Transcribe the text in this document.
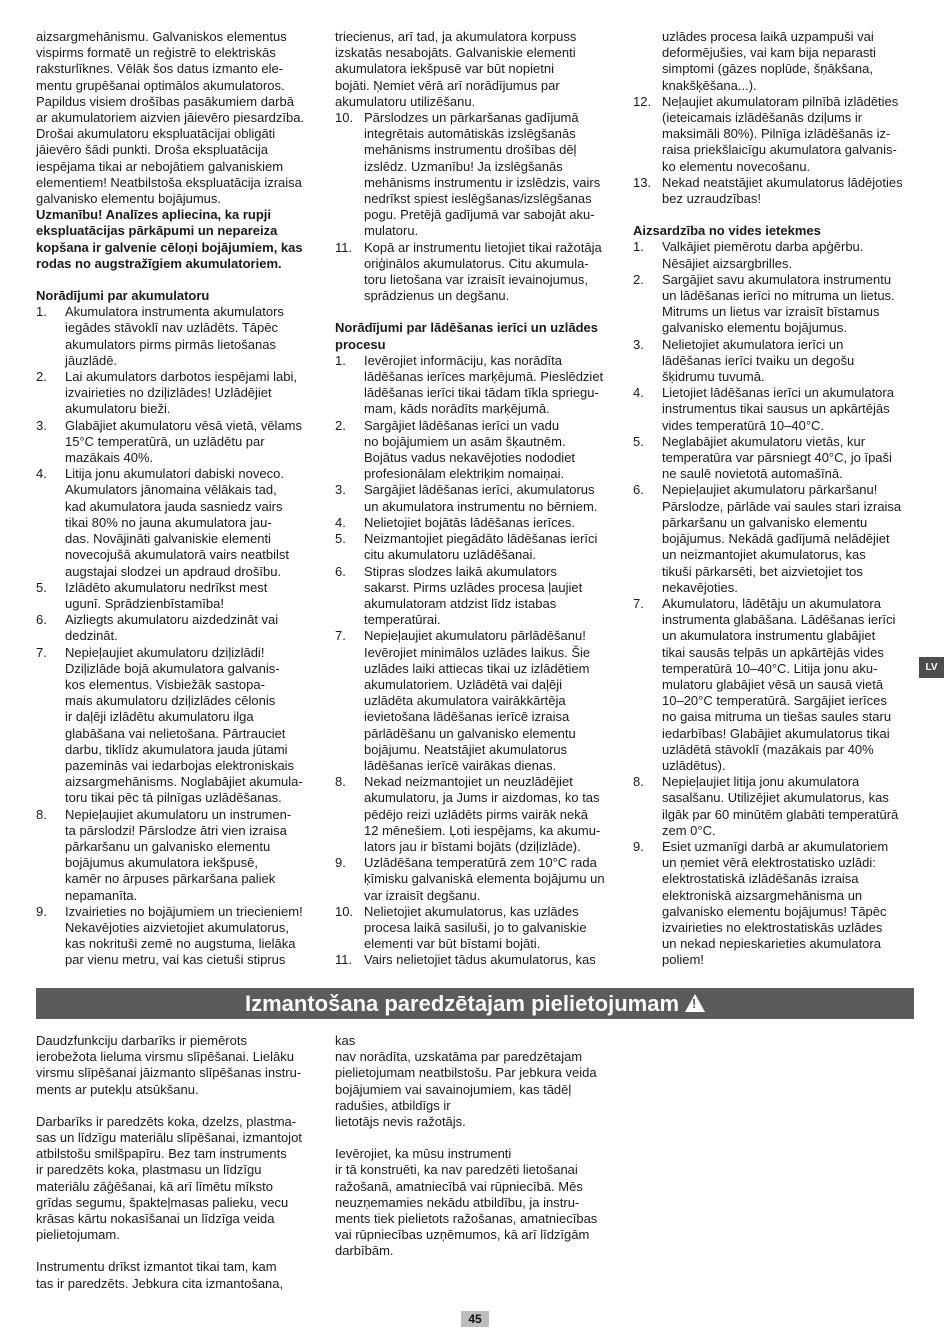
aizsargmehānismu. Galvaniskos elementus
vispirms formatē un reģistrē to elektriskās
raksturlīknes. Vēlāk šos datus izmanto ele-
mentu grupēšanai optimālos akumulatoros.
Papildus visiem drošības pasākumiem darbā
ar akumulatoriem aizvien jāievēro piesardzība.
Drošai akumulatoru ekspluatācijai obligāti
jāievēro šādi punkti. Droša ekspluatācija
iespējama tikai ar nebojātiem galvaniskiem
elementiem! Neatbilstoša ekspluatācija izraisa
galvanisko elementu bojājumus.
Uzmanību! Analīzes apliecina, ka rupji
ekspluatācijas pārkāpumi un nepareiza
kopšana ir galvenie cēloņi bojājumiem, kas
rodas no augstražīgiem akumulatoriem.
Norādījumi par akumulatoru
1. Akumulatora instrumenta akumulators
iegādes stāvoklī nav uzlādēts. Tāpēc
akumulators pirms pirmās lietošanas
jāuzlādē.
2. Lai akumulators darbotos iespējami labi,
izvairieties no dziļizlādes! Uzlādējiet
akumulatoru bieži.
3. Glabājiet akumulatoru vēsā vietā, vēlams
15°C temperatūrā, un uzlādētu par
mazākais 40%.
4. Litija jonu akumulatori dabiski noveco.
Akumulators jānomaina vēlākais tad,
kad akumulatora jauda sasniedz vairs
tikai 80% no jauna akumulatora jau-
das. Novājināti galvaniskie elementi
novecojušā akumulatorā vairs neatbilst
augstajai slodzei un apdraud drošību.
5. Izlādēto akumulatoru nedrīkst mest
ugunī. Sprādzienbīstamība!
6. Aizliegts akumulatoru aizdedzināt vai
dedzināt.
7. Nepieļaujiet akumulatoru dziļizlādi!
Dziļizlāde bojā akumulatora galvanis-
kos elementus. Visbiežāk sastopa-
mais akumulatoru dziļizlādes cēlonis
ir daļēji izlādētu akumulatoru ilga
glabāšana vai nelietošana. Pārtrauciet
darbu, tiklīdz akumulatora jauda jūtami
pazeminās vai iedarbojas elektroniskais
aizsargmehānisms. Noglabājiet akumula-
toru tikai pēc tā pilnīgas uzlādēšanas.
8. Nepieļaujiet akumulatoru un instrumen-
ta pārslodzi! Pārslodze ātri vien izraisa
pārkaršanu un galvanisko elementu
bojājumus akumulatora iekšpusē,
kamēr no ārpuses pārkaršana paliek
nepamanīta.
9. Izvairieties no bojājumiem un triecieniem!
Nekavējoties aizvietojiet akumulatorus,
kas nokrituši zemē no augstuma, lielāka
par vienu metru, vai kas cietuši stiprus
triecienus, arī tad, ja akumulatora korpuss
izskatās nesabojāts. Galvaniskie elementi
akumulatora iekšpusē var būt nopietni
bojāti. Ņemiet vērā arī norādījumus par
akumulatoru utilizēšanu.
10. Pārslodzes un pārkaršanas gadījumā
integrētais automātiskās izslēgšanās
mehānisms instrumentu drošības dēļ
izslēdz. Uzmanību! Ja izslēgšanās
mehānisms instrumentu ir izslēdzis, vairs
nedrīkst spiest ieslēgšanas/izslēgšanas
pogu. Pretējā gadījumā var sabojāt aku-
mulatoru.
11. Kopā ar instrumentu lietojiet tikai ražotāja
oriģinālos akumulatorus. Citu akumula-
toru lietošana var izraisīt ievainojumus,
sprādzienus un degšanu.
Norādījumi par lādēšanas ierīci un uzlādes
procesu
1. Ievērojiet informāciju, kas norādīta
lādēšanas ierīces marķējumā. Pieslēdziet
lādēšanas ierīci tikai tādam tīkla spriegu-
mam, kāds norādīts marķējumā.
2. Sargājiet lādēšanas ierīci un vadu
no bojājumiem un asām šķautnēm.
Bojātus vadus nekavējoties nododiet
profesionālam elektriķim nomaiņai.
3. Sargājiet lādēšanas ierīci, akumulatorus
un akumulatora instrumentu no bērniem.
4. Nelietojiet bojātās lādēšanas ierīces.
5. Neizmantojiet piegādāto lādēšanas ierīci
citu akumulatoru uzlādēšanai.
6. Stipras slodzes laikā akumulators
sakarst. Pirms uzlādes procesa ļaujiet
akumulatoram atdzist līdz istabas
temperatūrai.
7. Nepieļaujiet akumulatoru pārlādēšanu!
Ievērojiet minimālos uzlādes laikus. Šie
uzlādes laiki attiecas tikai uz izlādētiem
akumulatoriem. Uzlādētā vai daļēji
uzlādēta akumulatora vairākkārtēja
ievietošana lādēšanas ierīcē izraisa
pārlādēšanu un galvanisko elementu
bojājumu. Neatstājiet akumulatorus
lādēšanas ierīcē vairākas dienas.
8. Nekad neizmantojiet un neuzlādējiet
akumulatoru, ja Jums ir aizdomas, ko tas
pēdējo reizi uzlādēts pirms vairāk nekā
12 mēnešiem. Ļoti iespējams, ka akumu-
lators jau ir bīstami bojāts (dziļizlāde).
9. Uzlādēšana temperatūrā zem 10°C rada
ķīmisku galvaniskā elementa bojājumu un
var izraisīt degšanu.
10. Nelietojiet akumulatorus, kas uzlādes
procesa laikā sasiluši, jo to galvaniskie
elementi var būt bīstami bojāti.
11. Vairs nelietojiet tādus akumulatorus, kas
uzlādes procesa laikā uzpampuši vai
deformējušies, vai kam bija neparasti
simptomi (gāzes noplūde, šņākšana,
knakšķēšana...).
12. Neļaujiet akumulatoram pilnībā izlādēties
(ieteicamais izlādēšanās dziļums ir
maksimāli 80%). Pilnīga izlādēšanās iz-
raisa priekšlaicīgu akumulatora galvanis-
ko elementu novecošanu.
13. Nekad neatstājiet akumulatorus lādējoties
bez uzraudzības!
Aizsardzība no vides ietekmes
1. Valkājiet piemērotu darba apģērbu.
Nēsājiet aizsargbrilles.
2. Sargājiet savu akumulatora instrumentu
un lādēšanas ierīci no mitruma un lietus.
Mitrums un lietus var izraisīt bīstamus
galvanisko elementu bojājumus.
3. Nelietojiet akumulatora ierīci un
lādēšanas ierīci tvaiku un degošu
šķidrumu tuvumā.
4. Lietojiet lādēšanas ierīci un akumulatora
instrumentus tikai sausus un apkārtējās
vides temperatūrā 10–40°C.
5. Neglabājiet akumulatoru vietās, kur
temperatūra var pārsniegt 40°C, jo īpaši
ne saulē novietotā automašīnā.
6. Nepieļaujiet akumulatoru pārkaršanu!
Pārslodze, pārlāde vai saules stari izraisa
pārkaršanu un galvanisko elementu
bojājumus. Nekādā gadījumā nelādējiet
un neizmantojiet akumulatorus, kas
tikuši pārkarsēti, bet aizvietojiet tos
nekavējoties.
7. Akumulatoru, lādētāju un akumulatora
instrumenta glabāšana. Lādēšanas ierīci
un akumulatora instrumentu glabājiet
tikai sausās telpās un apkārtējās vides
temperatūrā 10–40°C. Litija jonu aku-
mulatoru glabājiet vēsā un sausā vietā
10–20°C temperatūrā. Sargājiet ierīces
no gaisa mitruma un tiešas saules staru
iedarbības! Glabājiet akumulatorus tikai
uzlādētā stāvoklī (mazākais par 40%
uzlādētus).
8. Nepieļaujiet litija jonu akumulatora
sasalšanu. Utilizējiet akumulatorus, kas
ilgāk par 60 minūtēm glabāti temperatūrā
zem 0°C.
9. Esiet uzmanīgi darbā ar akumulatoriem
un ņemiet vērā elektrostatisko uzlādi:
elektrostatiskā izlādēšanās izraisa
elektroniskā aizsargmehānisma un
galvanisko elementu bojājumus! Tāpēc
izvairieties no elektrostatiskās uzlādes
un nekad nepieskarieties akumulatora
poliem!
LV
Izmantošana paredzētajam pielietojumam!
Daudzfunkciju darbarīks ir piemērots
ierobežota lieluma virsmu slīpēšanai. Lielāku
virsmu slīpēšanai jāizmanto slīpēšanas instru-
ments ar putekļu atsūkšanu.
Darbarīks ir paredzēts koka, dzelzs, plastma-
sas un līdzīgu materiālu slīpēšanai, izmantojot
atbilstošu smilšpapīru. Bez tam instruments
ir paredzēts koka, plastmasu un līdzīgu
materiālu zāģēšanai, kā arī līmētu mīksto
grīdas segumu, špakteļmasas palieku, vecu
krāsas kārtu nokasīšanai un līdzīga veida
pielietojumam.
Instrumentu drīkst izmantot tikai tam, kam
tas ir paredzēts. Jebkura cita izmantošana,
kas
nav norādīta, uzskatāma par paredzētajam
pielietojumam neatbilstošu. Par jebkura veida
bojājumiem vai savainojumiem, kas tādēļ
radušies, atbildīgs ir
lietotājs nevis ražotājs.
Ievērojiet, ka mūsu instrumenti
ir tā konstruēti, ka nav paredzēti lietošanai
ražošanā, amatniecībā vai rūpniecībā. Mēs
neuzņemamies nekādu atbildību, ja instru-
ments tiek pielietots ražošanas, amatniecības
vai rūpniecības uzņēmumos, kā arī līdzīgām
darbībām.
45
